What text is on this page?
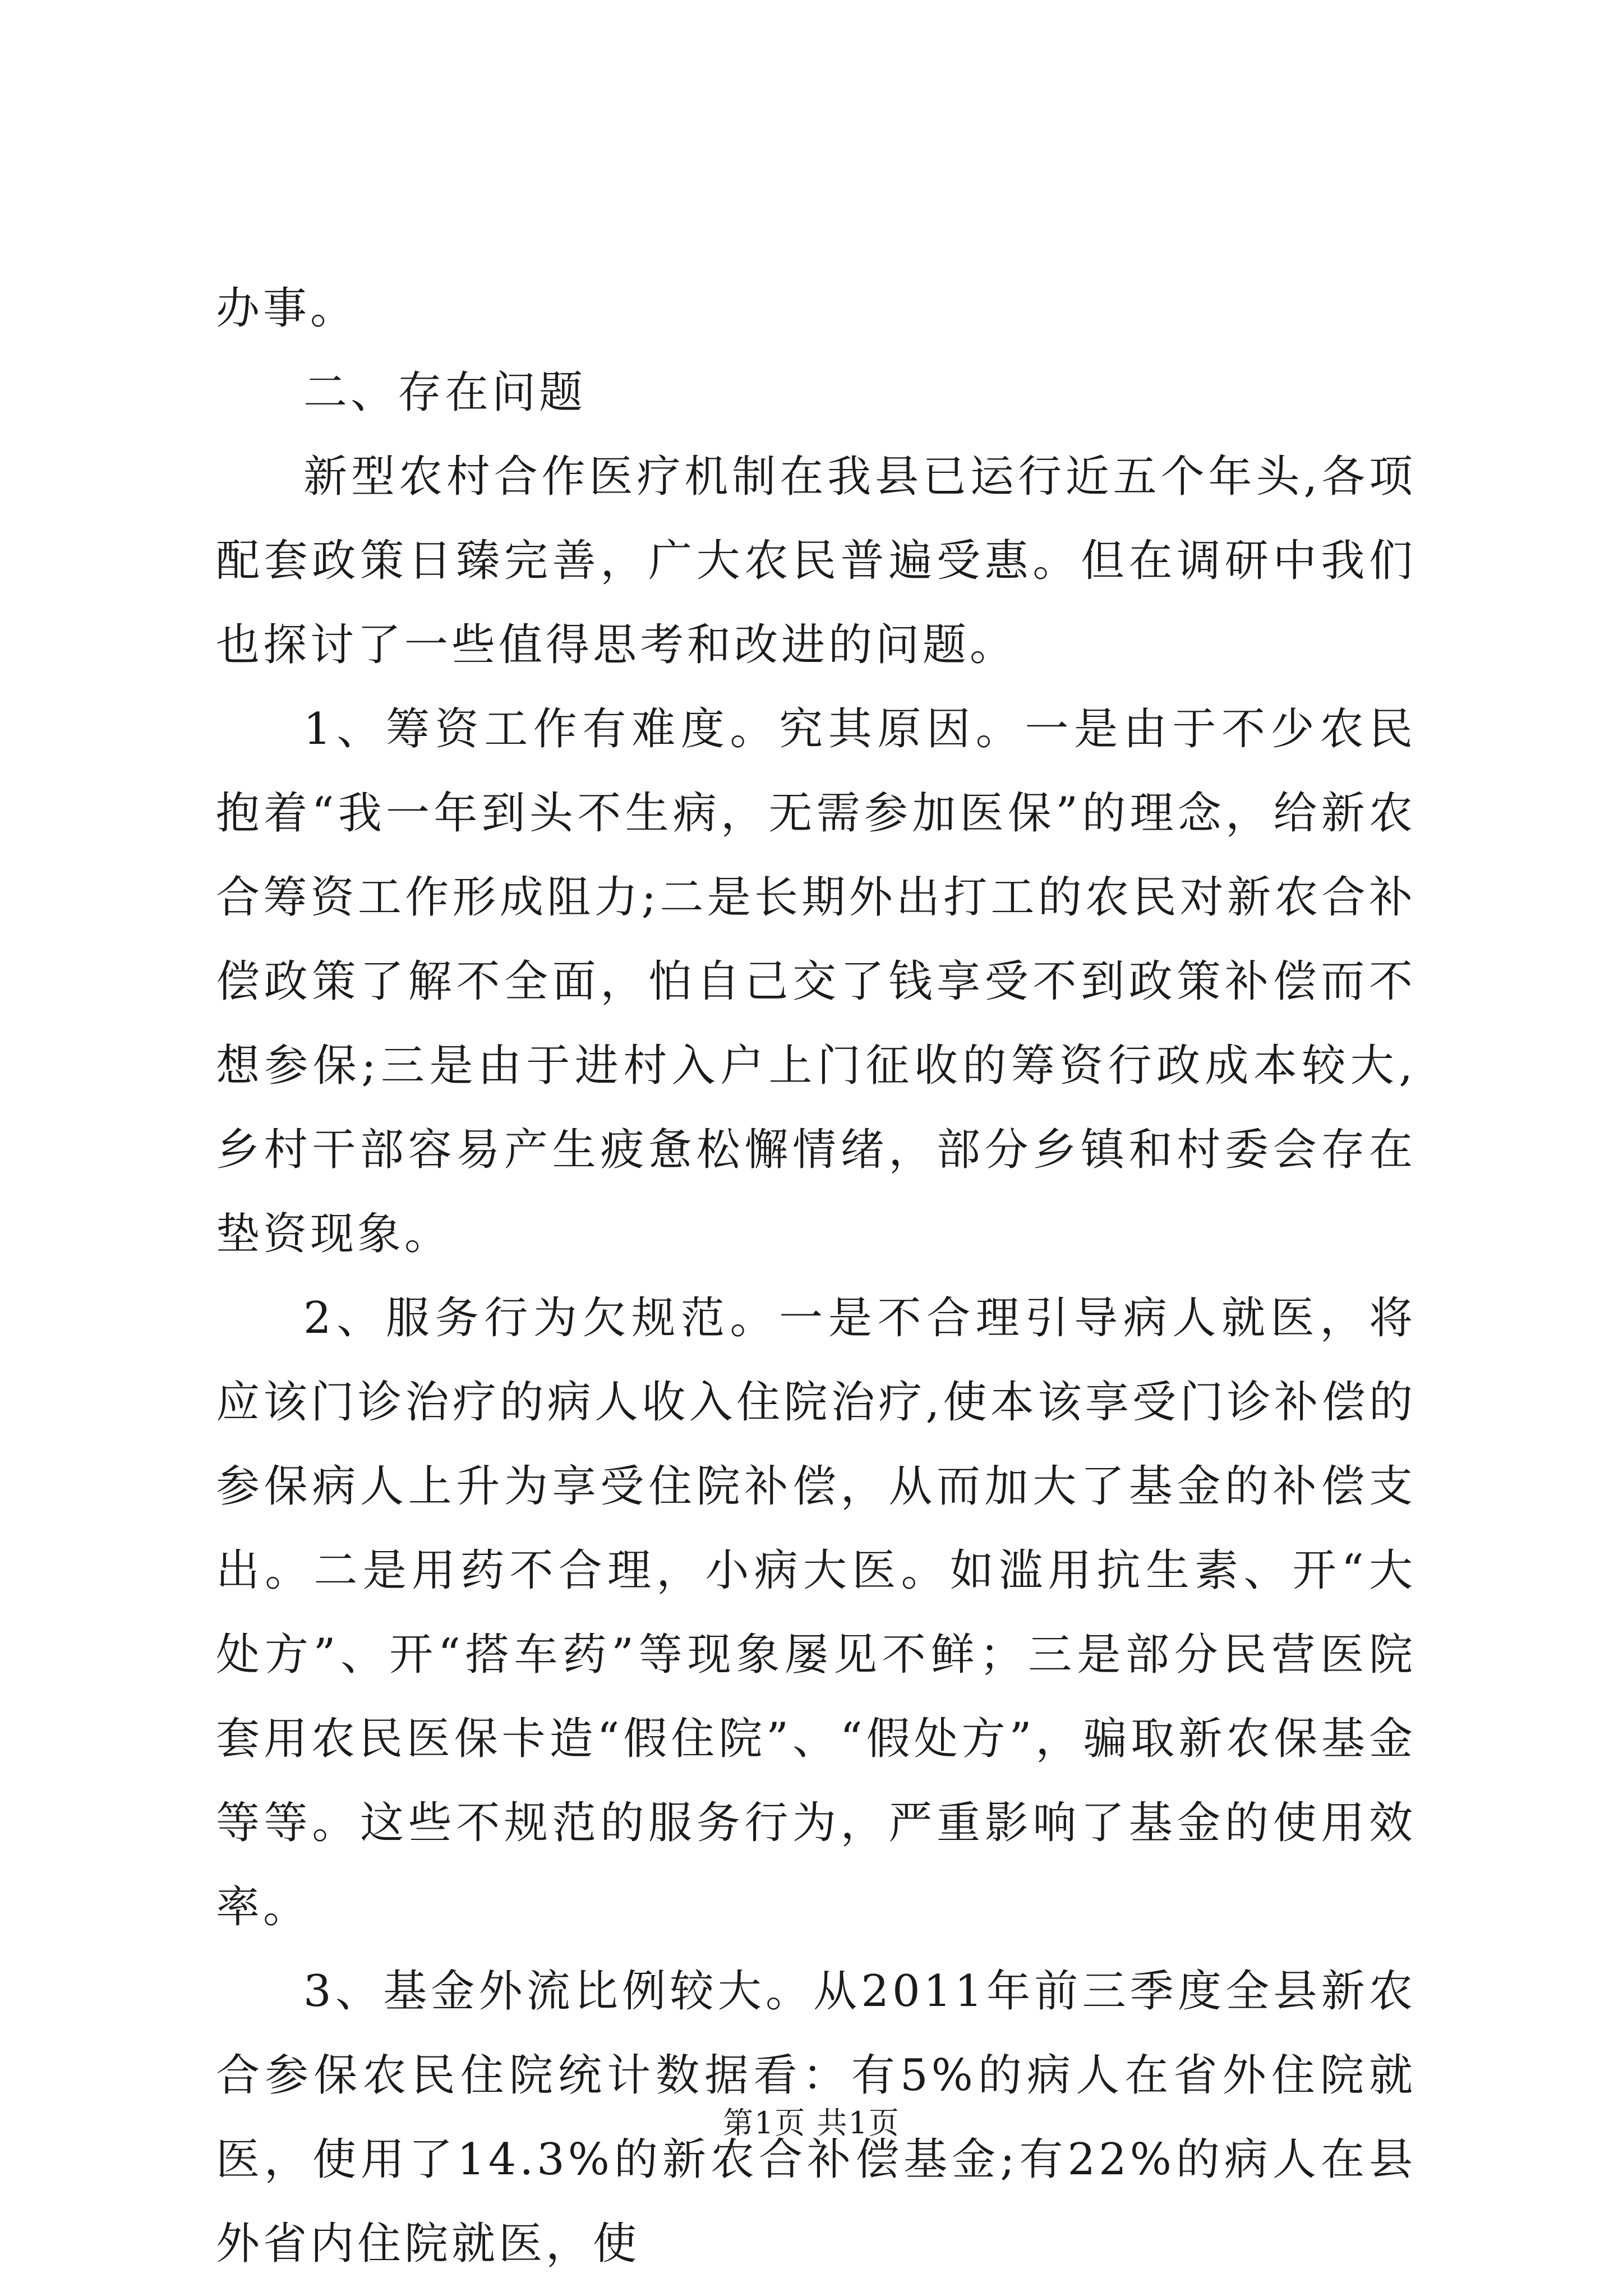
办事。

二、存在问题

新型农村合作医疗机制在我县已运行近五个年头,各项配套政策日臻完善，广大农民普遍受惠。但在调研中我们也探讨了一些值得思考和改进的问题。

1、筹资工作有难度。究其原因。一是由于不少农民抱着“我一年到头不生病，无需参加医保”的理念，给新农合筹资工作形成阻力;二是长期外出打工的农民对新农合补偿政策了解不全面，怕自己交了钱享受不到政策补偿而不想参保;三是由于进村入户上门征收的筹资行政成本较大,乡村干部容易产生疲惫松懈情绪，部分乡镇和村委会存在垫资现象。

2、服务行为欠规范。一是不合理引导病人就医，将应该门诊治疗的病人收入住院治疗,使本该享受门诊补偿的参保病人上升为享受住院补偿，从而加大了基金的补偿支出。二是用药不合理，小病大医。如滥用抗生素、开“大处方”、开“搭车药”等现象屡见不鲜；三是部分民营医院套用农民医保卡造“假住院”、“假处方”，骗取新农保基金等等。这些不规范的服务行为，严重影响了基金的使用效率。

3、基金外流比例较大。从2011年前三季度全县新农合参保农民住院统计数据看：有5%的病人在省外住院就医，使用了14.3%的新农合补偿基金;有22%的病人在县外省内住院就医，使

第1页 共1页
